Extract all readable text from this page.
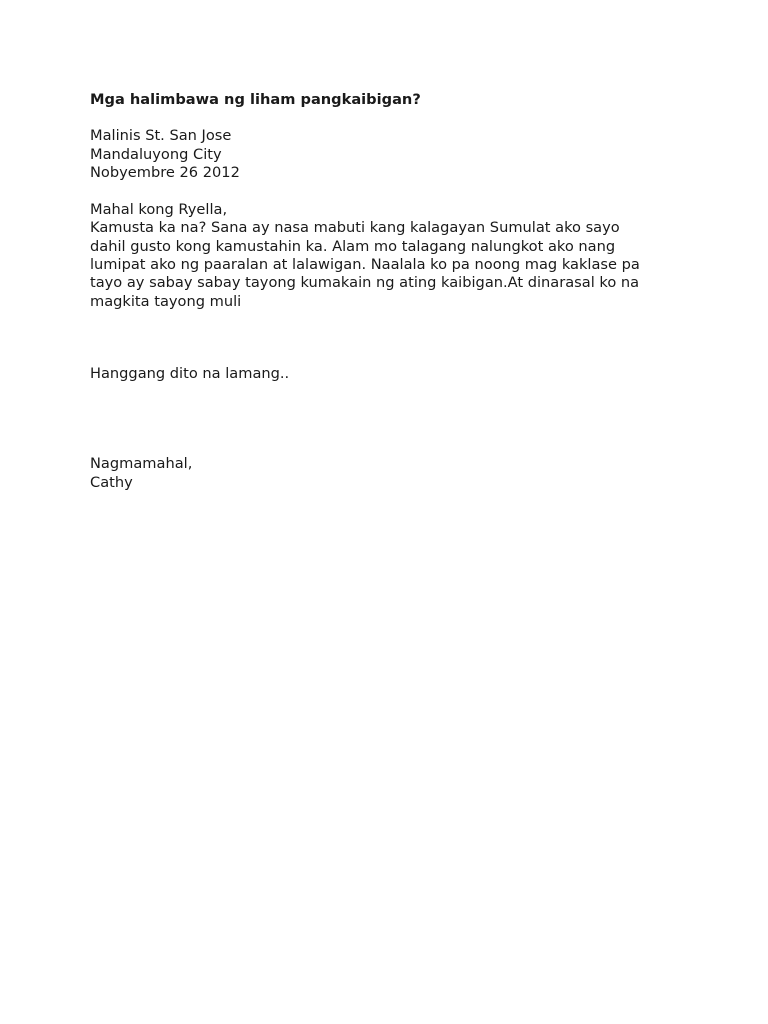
Mga halimbawa ng liham pangkaibigan?
Malinis St. San Jose
Mandaluyong City
Nobyembre 26 2012
Mahal kong Ryella,
Kamusta ka na? Sana ay nasa mabuti kang kalagayan Sumulat ako sayo
dahil gusto kong kamustahin ka. Alam mo talagang nalungkot ako nang
lumipat ako ng paaralan at lalawigan. Naalala ko pa noong mag kaklase pa
tayo ay sabay sabay tayong kumakain ng ating kaibigan.At dinarasal ko na
magkita tayong muli
Hanggang dito na lamang..
Nagmamahal,
Cathy
